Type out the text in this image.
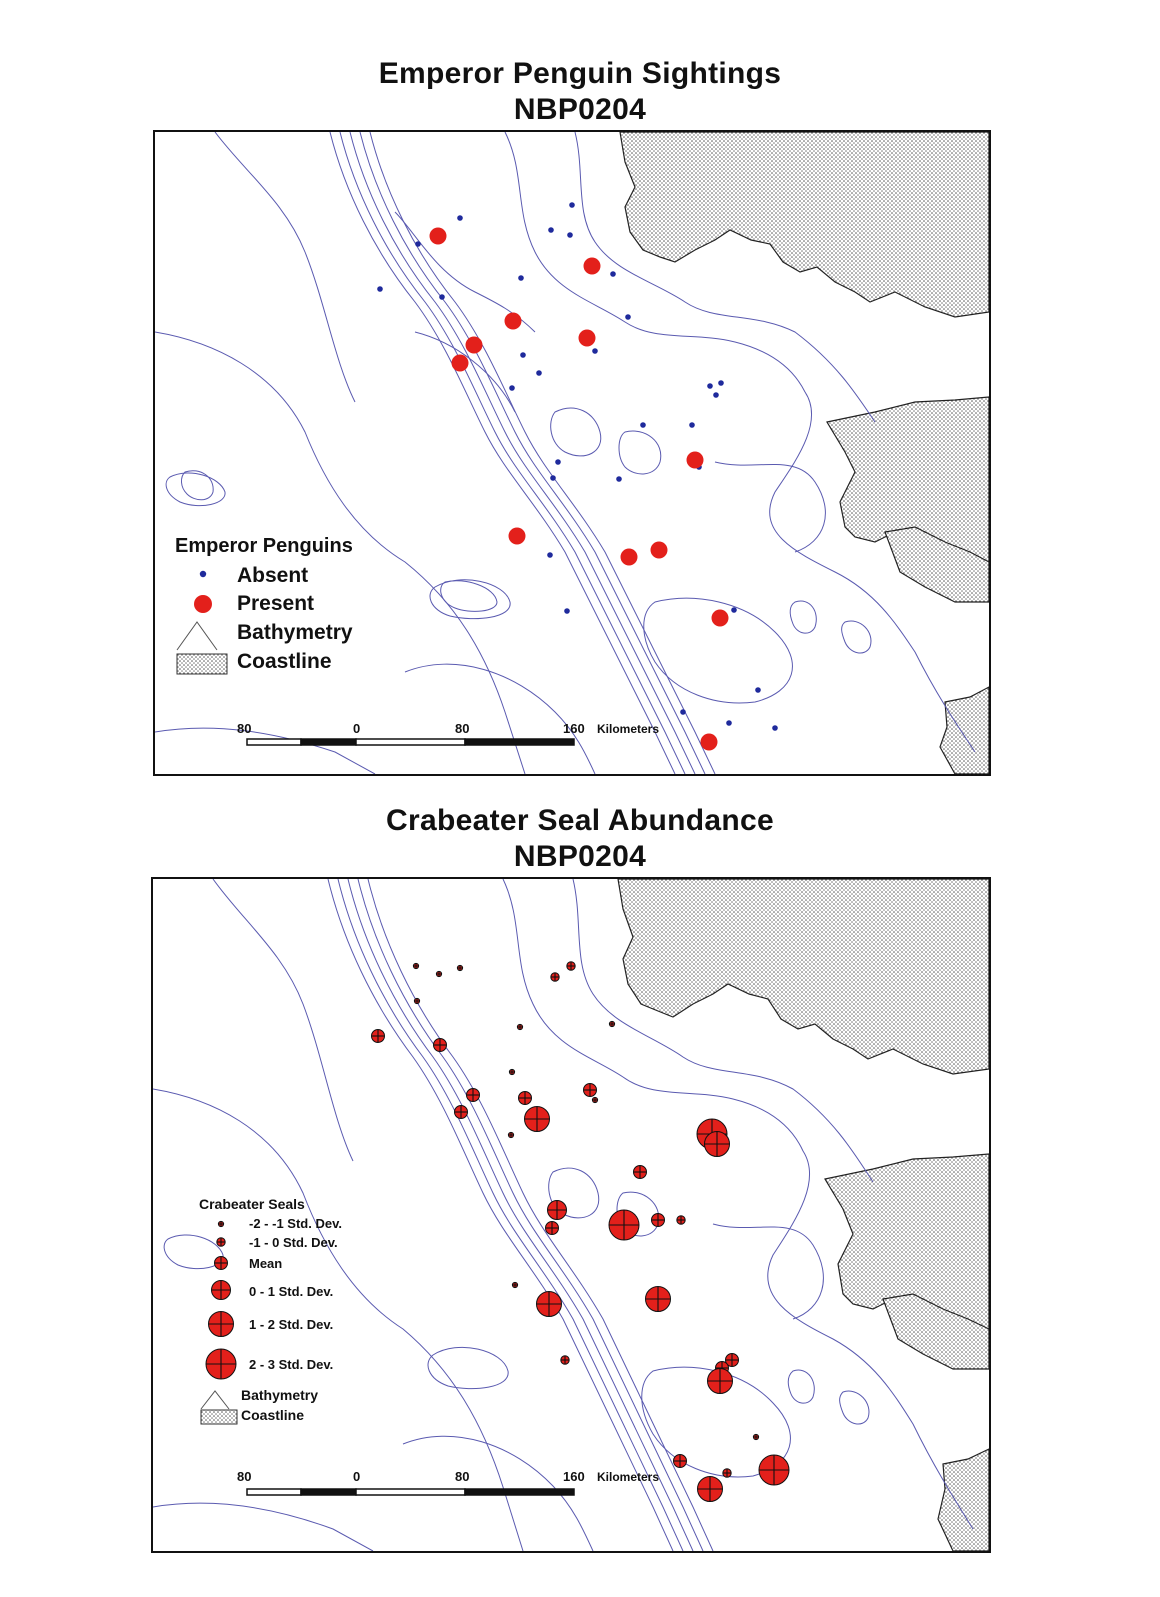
Emperor Penguin Sightings
NBP0204
Emperor Penguins
Absent
Present
Bathymetry
Coastline
80	0	80	160 Kilometers
Crabeater Seal Abundance
NBP0204
Crabeater Seals
-2 - -1 Std. Dev.
-1 - 0 Std. Dev.
Mean
0 - 1 Std. Dev.
1 - 2 Std. Dev.
2 - 3 Std. Dev.
Bathymetry
Coastline
80	0	80	160 Kilometers
